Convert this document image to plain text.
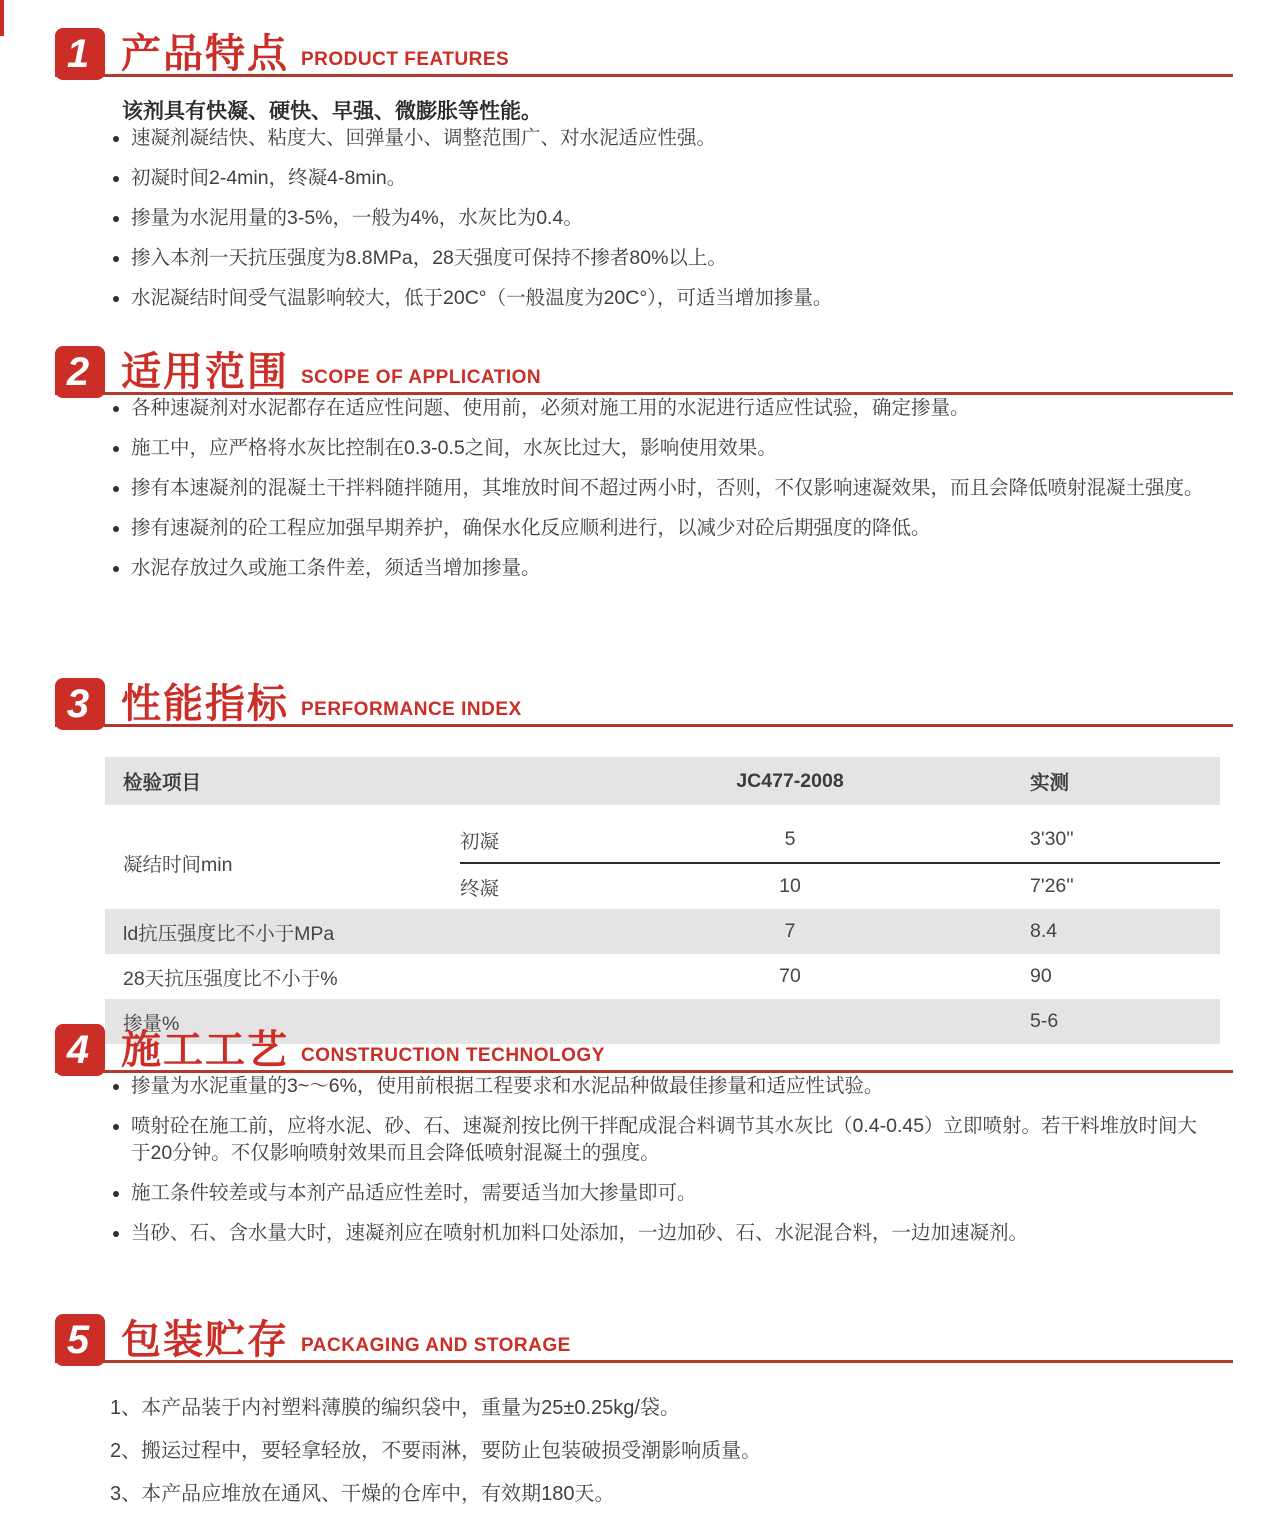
1 产品特点 PRODUCT FEATURES
该剂具有快凝、硬快、早强、微膨胀等性能。
速凝剂凝结快、粘度大、回弹量小、调整范围广、对水泥适应性强。
初凝时间2-4min，终凝4-8min。
掺量为水泥用量的3-5%，一般为4%，水灰比为0.4。
掺入本剂一天抗压强度为8.8MPa，28天强度可保持不掺者80%以上。
水泥凝结时间受气温影响较大，低于20C°（一般温度为20C°），可适当增加掺量。
2 适用范围 SCOPE OF APPLICATION
各种速凝剂对水泥都存在适应性问题、使用前，必须对施工用的水泥进行适应性试验，确定掺量。
施工中，应严格将水灰比控制在0.3-0.5之间，水灰比过大，影响使用效果。
掺有本速凝剂的混凝土干拌料随拌随用，其堆放时间不超过两小时，否则，不仅影响速凝效果，而且会降低喷射混凝土强度。
掺有速凝剂的砼工程应加强早期养护，确保水化反应顺利进行，以减少对砼后期强度的降低。
水泥存放过久或施工条件差，须适当增加掺量。
3 性能指标 PERFORMANCE INDEX
检验项目		JC477-2008	实测
凝结时间min	初凝	5	3'30''
	终凝	10	7'26''
ld抗压强度比不小于MPa		7	8.4
28天抗压强度比不小于%		70	90
掺量%			5-6
4 施工工艺 CONSTRUCTION TECHNOLOGY
掺量为水泥重量的3~～6%，使用前根据工程要求和水泥品种做最佳掺量和适应性试验。
喷射砼在施工前，应将水泥、砂、石、速凝剂按比例干拌配成混合料调节其水灰比（0.4-0.45）立即喷射。若干料堆放时间大于20分钟。不仅影响喷射效果而且会降低喷射混凝土的强度。
施工条件较差或与本剂产品适应性差时，需要适当加大掺量即可。
当砂、石、含水量大时，速凝剂应在喷射机加料口处添加，一边加砂、石、水泥混合料，一边加速凝剂。
5 包装贮存 PACKAGING AND STORAGE
1、本产品装于内衬塑料薄膜的编织袋中，重量为25±0.25kg/袋。
2、搬运过程中，要轻拿轻放，不要雨淋，要防止包装破损受潮影响质量。
3、本产品应堆放在通风、干燥的仓库中，有效期180天。
